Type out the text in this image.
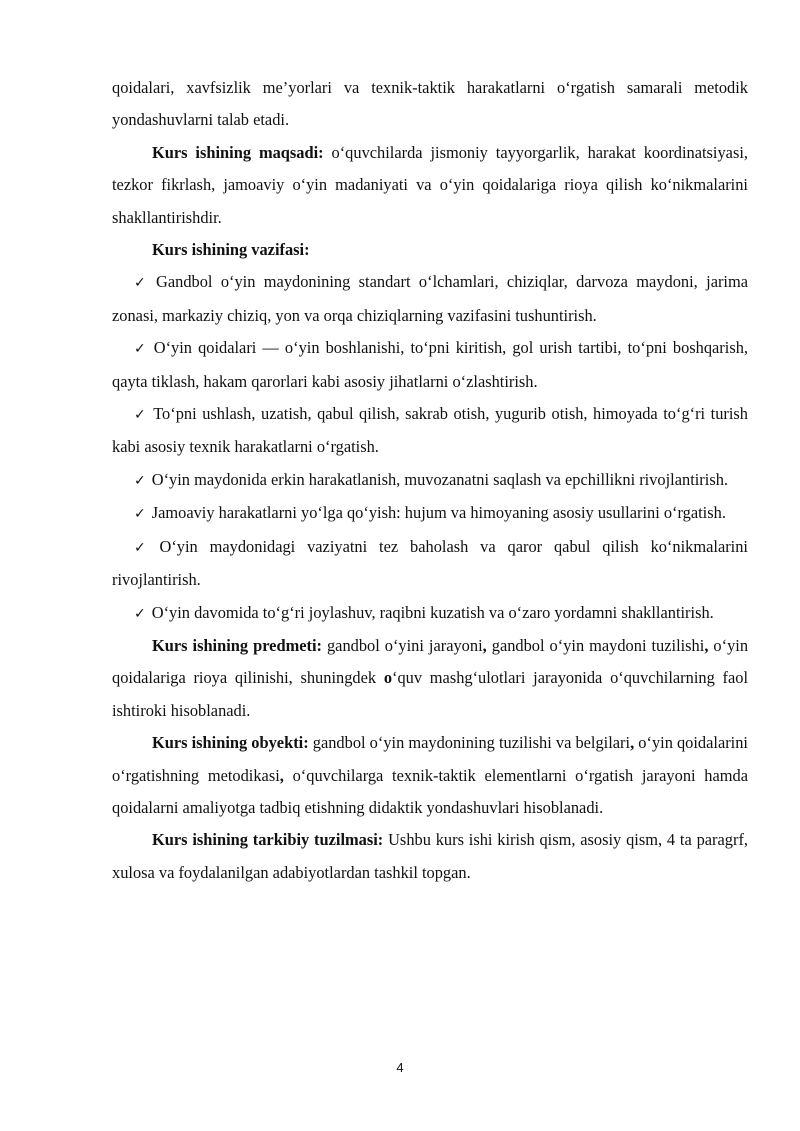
qoidalari, xavfsizlik me’yorlari va texnik-taktik harakatlarni o‘rgatish samarali metodik yondashuvlarni talab etadi.

Kurs ishining maqsadi: o‘quvchilarda jismoniy tayyorgarlik, harakat koordinatsiyasi, tezkor fikrlash, jamoaviy o‘yin madaniyati va o‘yin qoidalariga rioya qilish ko‘nikmalarini shakllantirishdir.

Kurs ishining vazifasi:

✓ Gandbol o‘yin maydonining standart o‘lchamlari, chiziqlar, darvoza maydoni, jarima zonasi, markaziy chiziq, yon va orqa chiziqlarning vazifasini tushuntirish.

✓ O‘yin qoidalari — o‘yin boshlanishi, to‘pni kiritish, gol urish tartibi, to‘pni boshqarish, qayta tiklash, hakam qarorlari kabi asosiy jihatlarni o‘zlashtirish.

✓ To‘pni ushlash, uzatish, qabul qilish, sakrab otish, yugurib otish, himoyada to‘g‘ri turish kabi asosiy texnik harakatlarni o‘rgatish.

✓ O‘yin maydonida erkin harakatlanish, muvozanatni saqlash va epchillikni rivojlantirish.

✓ Jamoaviy harakatlarni yo‘lga qo‘yish: hujum va himoyaning asosiy usullarini o‘rgatish.

✓ O‘yin maydonidagi vaziyatni tez baholash va qaror qabul qilish ko‘nikmalarini rivojlantirish.

✓ O‘yin davomida to‘g‘ri joylashuv, raqibni kuzatish va o‘zaro yordamni shakllantirish.

Kurs ishining predmeti: gandbol o‘yini jarayoni, gandbol o‘yin maydoni tuzilishi, o‘yin qoidalariga rioya qilinishi, shuningdek o‘quv mashg‘ulotlari jarayonida o‘quvchilarning faol ishtiroki hisoblanadi.

Kurs ishining obyekti: gandbol o‘yin maydonining tuzilishi va belgilari, o‘yin qoidalarini o‘rgatishning metodikasi, o‘quvchilarga texnik-taktik elementlarni o‘rgatish jarayoni hamda qoidalarni amaliyotga tadbiq etishning didaktik yondashuvlari hisoblanadi.

Kurs ishining tarkibiy tuzilmasi: Ushbu kurs ishi kirish qism, asosiy qism, 4 ta paragrf, xulosa va foydalanilgan adabiyotlardan tashkil topgan.

4
